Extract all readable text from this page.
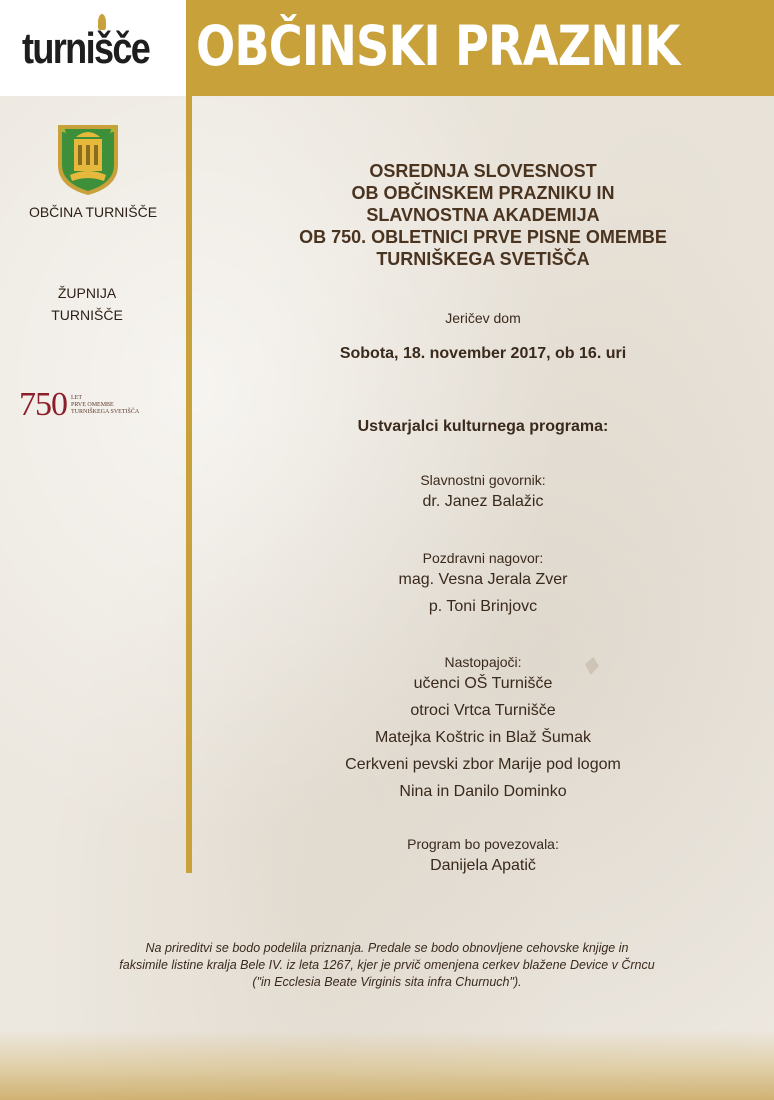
turnišče OBČINSKI PRAZNIK
OBČINA TURNIŠČE
ŽUPNIJA
TURNIŠČE
750 LET
PRVE OMEMBE
TURNIŠKEGA SVETIŠČA
OSREDNJA SLOVESNOST
OB OBČINSKEM PRAZNIKU IN
SLAVNOSTNA AKADEMIJA
OB 750. OBLETNICI PRVE PISNE OMEMBE
TURNIŠKEGA SVETIŠČA
Jeričev dom
Sobota, 18. november 2017, ob 16. uri
Ustvarjalci kulturnega programa:
Slavnostni govornik:
dr. Janez Balažic
Pozdravni nagovor:
mag. Vesna Jerala Zver
p. Toni Brinjovc
Nastopajoči:
učenci OŠ Turnišče
otroci Vrtca Turnišče
Matejka Koštric in Blaž Šumak
Cerkveni pevski zbor Marije pod logom
Nina in Danilo Dominko
Program bo povezovala:
Danijela Apatič
Na prireditvi se bodo podelila priznanja. Predale se bodo obnovljene cehovske knjige in
faksimile listine kralja Bele IV. iz leta 1267, kjer je prvič omenjena cerkev blažene Device v Črncu
("in Ecclesia Beate Virginis sita infra Churnuch").
